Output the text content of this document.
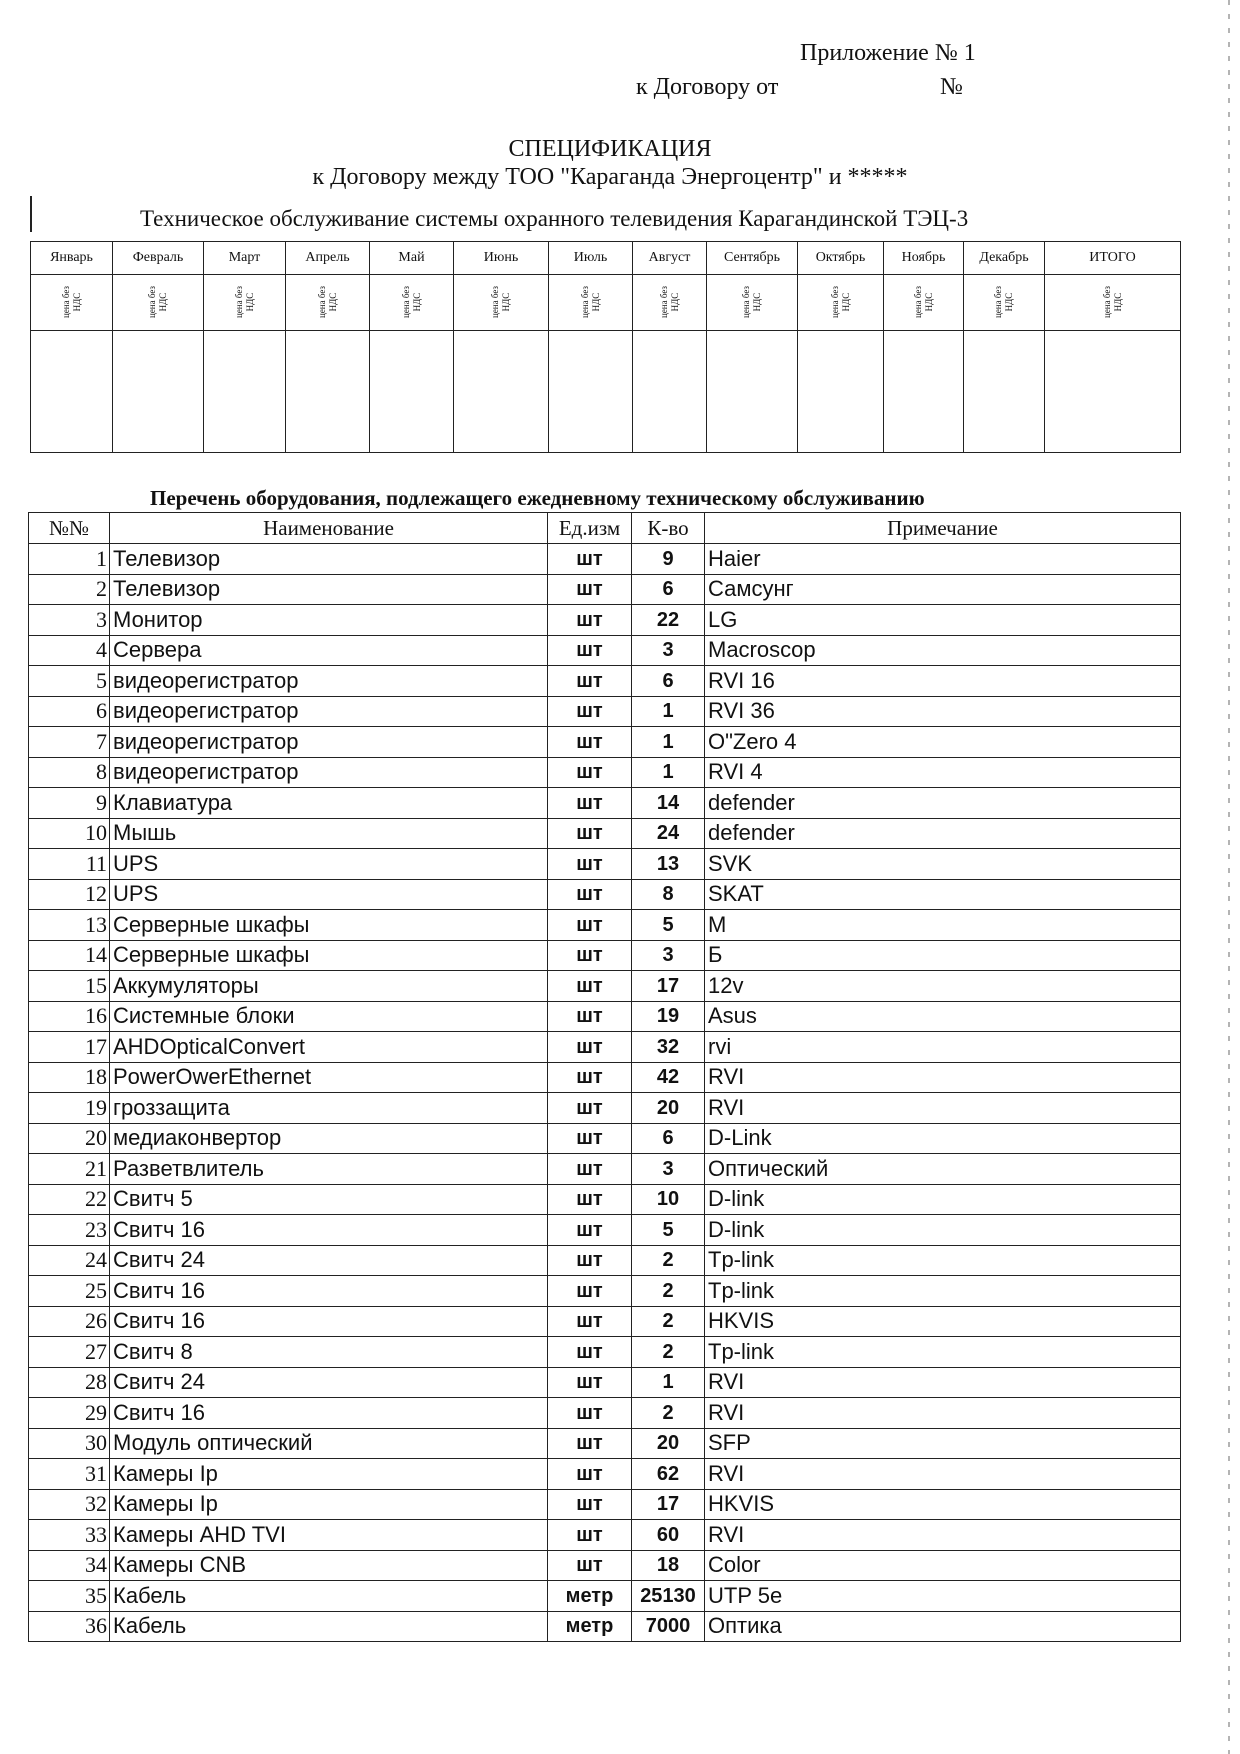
Приложение № 1
к Договору от	№
СПЕЦИФИКАЦИЯ
к Договору между ТОО "Караганда Энергоцентр" и *****
Техническое обслуживание системы охранного телевидения Карагандинской ТЭЦ-3
Январь	Февраль	Март	Апрель	Май	Июнь	Июль	Август	Сентябрь	Октябрь	Ноябрь	Декабрь	ИТОГО
цена без НДС	цена без НДС	цена без НДС	цена без НДС	цена без НДС	цена без НДС	цена без НДС	цена без НДС	цена без НДС	цена без НДС	цена без НДС	цена без НДС	цена без НДС

Перечень оборудования, подлежащего ежедневному техническому обслуживанию
№№	Наименование	Ед.изм	К-во	Примечание
1	Телевизор	шт	9	Haier
2	Телевизор	шт	6	Самсунг
3	Монитор	шт	22	LG
4	Сервера	шт	3	Macroscop
5	видеорегистратор	шт	6	RVI 16
6	видеорегистратор	шт	1	RVI 36
7	видеорегистратор	шт	1	O"Zero 4
8	видеорегистратор	шт	1	RVI 4
9	Клавиатура	шт	14	defender
10	Мышь	шт	24	defender
11	UPS	шт	13	SVK
12	UPS	шт	8	SKAT
13	Серверные шкафы	шт	5	М
14	Серверные шкафы	шт	3	Б
15	Аккумуляторы	шт	17	12v
16	Системные блоки	шт	19	Asus
17	AHDOpticalConvert	шт	32	rvi
18	PowerOwerEthernet	шт	42	RVI
19	гроззащита	шт	20	RVI
20	медиаконвертор	шт	6	D-Link
21	Разветвлитель	шт	3	Оптический
22	Свитч 5	шт	10	D-link
23	Свитч 16	шт	5	D-link
24	Свитч 24	шт	2	Tp-link
25	Свитч 16	шт	2	Tp-link
26	Свитч 16	шт	2	HKVIS
27	Свитч 8	шт	2	Tp-link
28	Свитч 24	шт	1	RVI
29	Свитч 16	шт	2	RVI
30	Модуль оптический	шт	20	SFP
31	Камеры Ip	шт	62	RVI
32	Камеры Ip	шт	17	HKVIS
33	Камеры AHD TVI	шт	60	RVI
34	Камеры CNB	шт	18	Color
35	Кабель	метр	25130	UTP 5e
36	Кабель	метр	7000	Оптика
